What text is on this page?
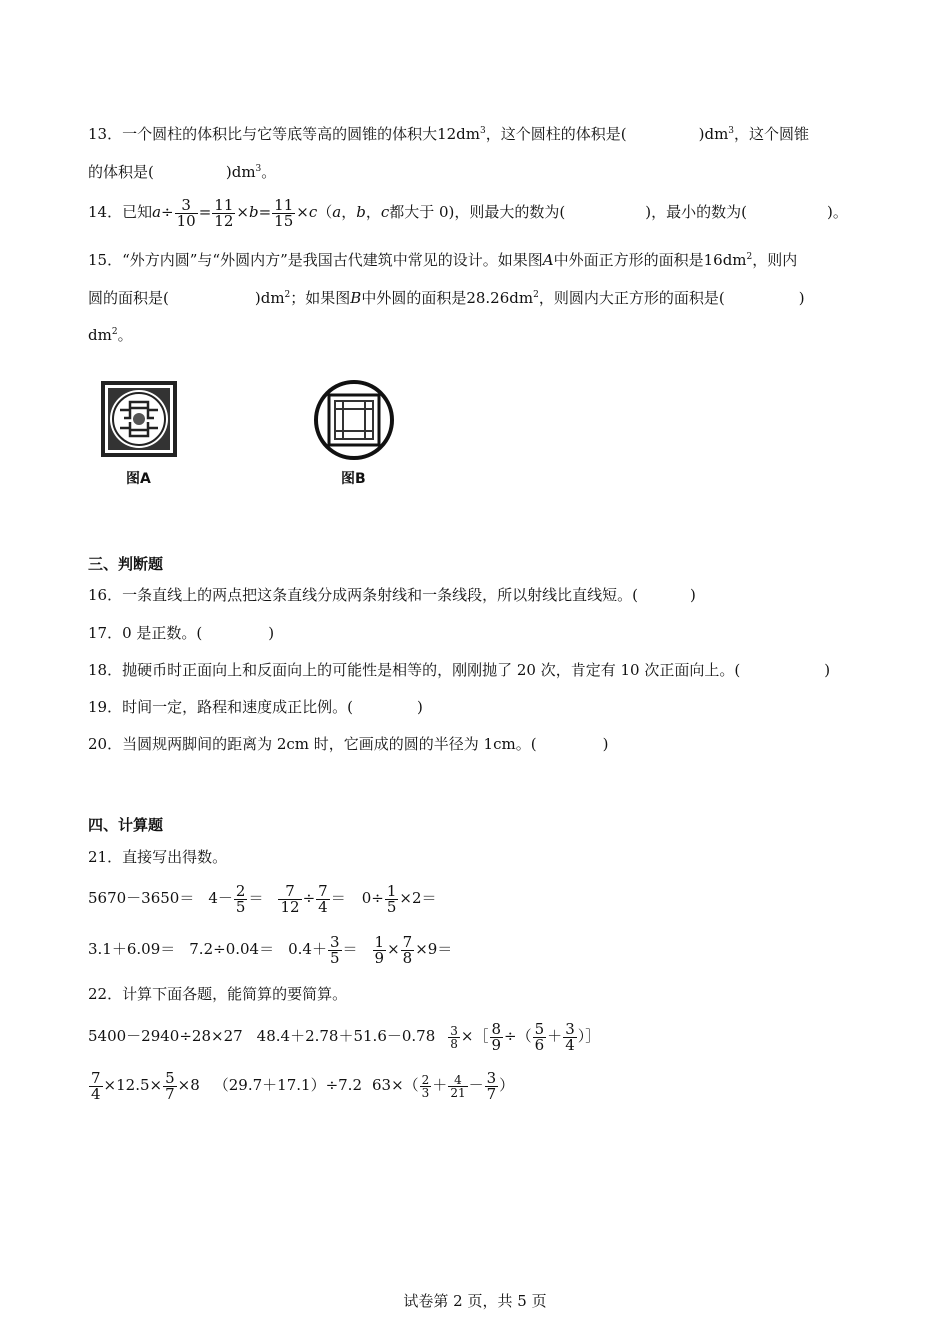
13．一个圆柱的体积比与它等底等高的圆锥的体积大$12dm^3$，这个圆柱的体积是(	)$dm^3$，这个圆锥
的体积是(	)$dm^3$。
14．已知$a\div \frac{3}{10} = \frac{11}{12} \times b= \frac{11}{15} \times c(a$，b，c都大于 0)，则最大的数为(	)，最小的数为(	)。
15．“外方内圆”与“外圆内方”是我国古代建筑中常见的设计。如果图A中外面正方形的面积是$16dm^2$，则内
圆的面积是(	)$dm^2$；如果图B中外圆的面积是$28.26dm^2$，则圆内大正方形的面积是(	)
$dm^2$。
图A	图B
三、判断题
16．一条直线上的两点把这条直线分成两条射线和一条线段，所以射线比直线短。(	)
17．0 是正数。(	)
18．抛硬币时正面向上和反面向上的可能性是相等的，刚刚抛了 20 次，肯定有 10 次正面向上。(	)
19．时间一定，路程和速度成正比例。(	)
20．当圆规两脚间的距离为 2cm 时，它画成的圆的半径为 1cm。(	)
四、计算题
21．直接写出得数。
$5670-3650= 4- \frac{2}{5} = \frac{7}{12} \div \frac{7}{4} = 0\div \frac{1}{5} \times 2=$
$3.1+6.09= 7.2\div 0.04= 0.4+ \frac{3}{5} = \frac{1}{9} \times \frac{7}{8} \times 9=$
22．计算下面各题，能简算的要简算。
5400－2940÷28×27 $48.4+2.78+51.6-0.78 \frac{3}{8}$ ×［ $\frac{8}{9}$ ÷（ $\frac{5}{6} + \frac{3}{4}$ ）］
$\frac{7}{4} \times 12.5\times \frac{5}{7} \times 8$ （29.7＋17.1）÷7.2 $63\times( \frac{2}{3} + \frac{4}{21} - \frac{3}{7}$ ）
试卷第 2 页，共 5 页
